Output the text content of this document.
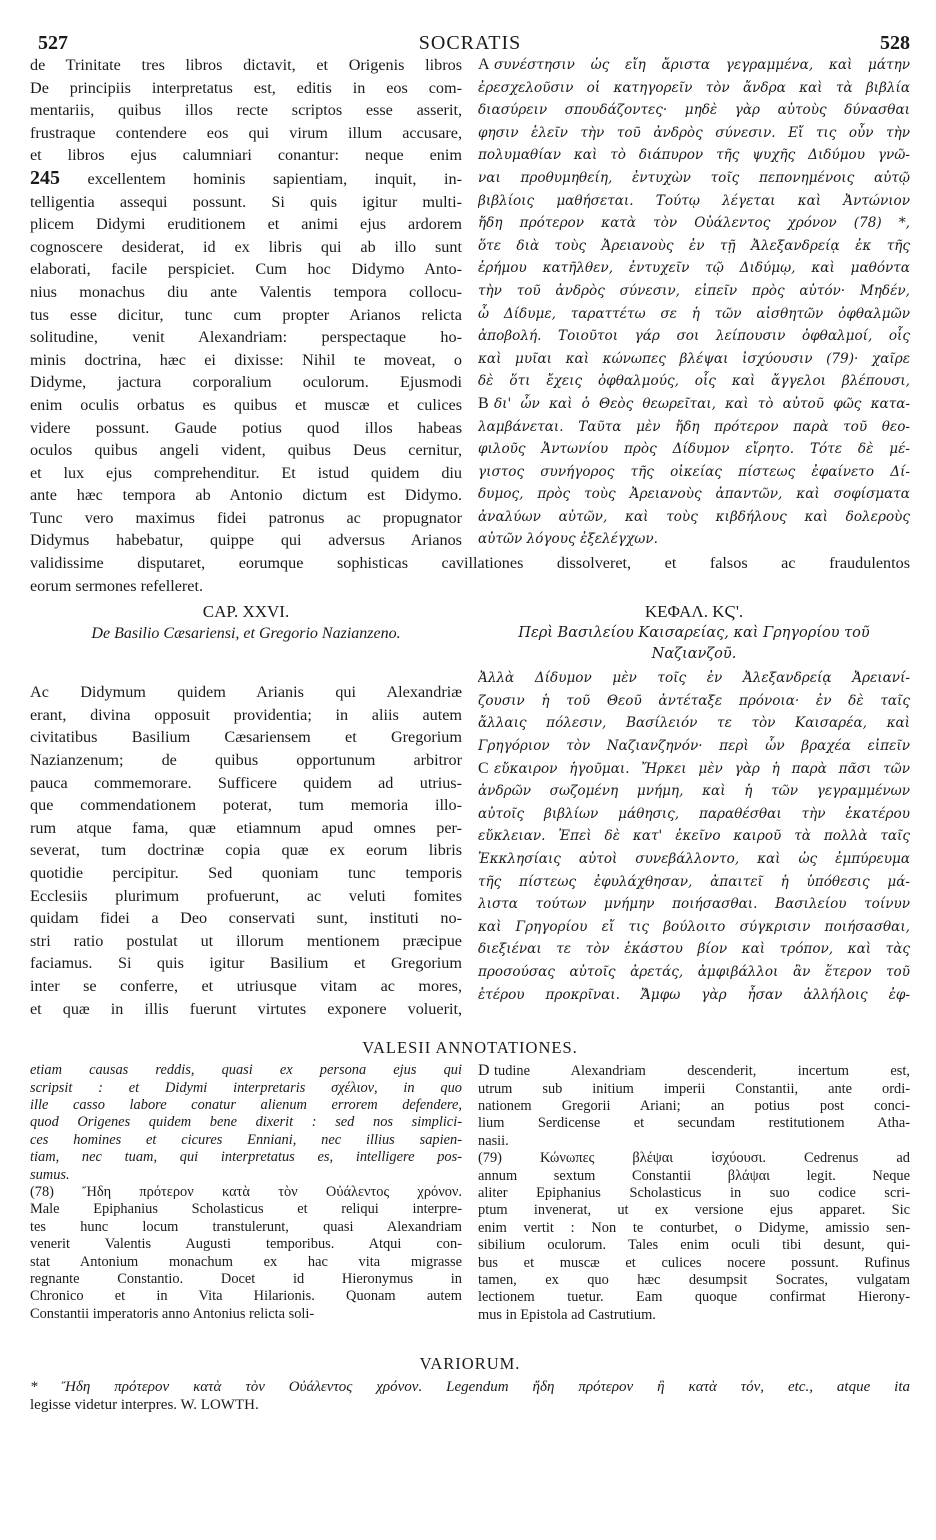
527	SOCRATIS	528
de Trinitate tres libros dictavit, et Origenis libros
De principiis interpretatus est, editis in eos com-
mentariis, quibus illos recte scriptos esse asserit,
frustraque contendere eos qui virum illum accusare,
et libros ejus calumniari conantur: neque enim
245 excellentem hominis sapientiam, inquit, in-
telligentia assequi possunt. Si quis igitur multi-
plicem Didymi eruditionem et animi ejus ardorem
cognoscere desiderat, id ex libris qui ab illo sunt
elaborati, facile perspiciet. Cum hoc Didymo Anto-
nius monachus diu ante Valentis tempora collocu-
tus esse dicitur, tunc cum propter Arianos relicta
solitudine, venit Alexandriam: perspectaque ho-
minis doctrina, hæc ei dixisse: Nihil te moveat, o
Didyme, jactura corporalium oculorum. Ejusmodi
enim oculis orbatus es quibus et muscæ et culices
videre possunt. Gaude potius quod illos habeas
oculos quibus angeli vident, quibus Deus cernitur,
et lux ejus comprehenditur. Et istud quidem diu
ante hæc tempora ab Antonio dictum est Didymo.
Tunc vero maximus fidei patronus ac propugnator
Didymus habebatur, quippe qui adversus Arianos
A συνέστησιν ὡς εἴη ἄριστα γεγραμμένα, καὶ μάτην
ἐρεσχελοῦσιν οἱ κατηγορεῖν τὸν ἄνδρα καὶ τὰ βιβλία
διασύρειν σπουδάζοντες· μηδὲ γὰρ αὐτοὺς δύνασθαι
φησιν ἑλεῖν τὴν τοῦ ἀνδρὸς σύνεσιν. Εἴ τις οὖν τὴν
πολυμαθίαν καὶ τὸ διάπυρον τῆς ψυχῆς Διδύμου γνῶ-
ναι προθυμηθείη, ἐντυχὼν τοῖς πεπονημένοις αὐτῷ
βιβλίοις μαθήσεται. Τούτῳ λέγεται καὶ Ἀντώνιον
ἤδη πρότερον κατὰ τὸν Οὐάλεντος χρόνον (78) *,
ὅτε διὰ τοὺς Ἀρειανοὺς ἐν τῇ Ἀλεξανδρείᾳ ἐκ τῆς
ἐρήμου κατῆλθεν, ἐντυχεῖν τῷ Διδύμῳ, καὶ μαθόντα
τὴν τοῦ ἀνδρὸς σύνεσιν, εἰπεῖν πρὸς αὐτόν· Μηδέν,
ὦ Δίδυμε, ταραττέτω σε ἡ τῶν αἰσθητῶν ὀφθαλμῶν
ἀποβολή. Τοιοῦτοι γάρ σοι λείπουσιν ὀφθαλμοί, οἷς
καὶ μυῖαι καὶ κώνωπες βλέψαι ἰσχύουσιν (79)· χαῖρε
δὲ ὅτι ἔχεις ὀφθαλμούς, οἷς καὶ ἄγγελοι βλέπουσι,
B δι' ὧν καὶ ὁ Θεὸς θεωρεῖται, καὶ τὸ αὐτοῦ φῶς κατα-
λαμβάνεται. Ταῦτα μὲν ἤδη πρότερον παρὰ τοῦ θεο-
φιλοῦς Ἀντωνίου πρὸς Δίδυμον εἴρητο. Τότε δὲ μέ-
γιστος συνήγορος τῆς οἰκείας πίστεως ἐφαίνετο Δί-
δυμος, πρὸς τοὺς Ἀρειανοὺς ἀπαντῶν, καὶ σοφίσματα
ἀναλύων αὐτῶν, καὶ τοὺς κιβδήλους καὶ δολεροὺς
αὐτῶν λόγους ἐξελέγχων.
validissime disputaret, eorumque sophisticas cavillationes dissolveret, et falsos ac fraudulentos
eorum sermones refelleret.
CAP. XXVI.
De Basilio Cæsariensi, et Gregorio Nazianzeno.
ΚΕΦΑΛ. ΚϚ'.
Περὶ Βασιλείου Καισαρείας, καὶ Γρηγορίου τοῦ
Ναζιανζοῦ.
Ac Didymum quidem Arianis qui Alexandriæ
erant, divina opposuit providentia; in aliis autem
civitatibus Basilium Cæsariensem et Gregorium
Nazianzenum; de quibus opportunum arbitror
pauca commemorare. Sufficere quidem ad utrius-
que commendationem poterat, tum memoria illo-
rum atque fama, quæ etiamnum apud omnes per-
severat, tum doctrinæ copia quæ ex eorum libris
quotidie percipitur. Sed quoniam tunc temporis
Ecclesiis plurimum profuerunt, ac veluti fomites
quidam fidei a Deo conservati sunt, instituti no-
stri ratio postulat ut illorum mentionem præcipue
faciamus. Si quis igitur Basilium et Gregorium
inter se conferre, et utriusque vitam ac mores,
et quæ in illis fuerunt virtutes exponere voluerit,
Ἀλλὰ Δίδυμον μὲν τοῖς ἐν Ἀλεξανδρείᾳ Ἀρειανί-
ζουσιν ἡ τοῦ Θεοῦ ἀντέταξε πρόνοια· ἐν δὲ ταῖς
ἄλλαις πόλεσιν, Βασίλειόν τε τὸν Καισαρέα, καὶ
Γρηγόριον τὸν Ναζιανζηνόν· περὶ ὧν βραχέα εἰπεῖν
C εὔκαιρον ἡγοῦμαι. Ἤρκει μὲν γὰρ ἡ παρὰ πᾶσι τῶν
ἀνδρῶν σωζομένη μνήμη, καὶ ἡ τῶν γεγραμμένων
αὐτοῖς βιβλίων μάθησις, παραθέσθαι τὴν ἑκατέρου
εὔκλειαν. Ἐπεὶ δὲ κατ' ἐκεῖνο καιροῦ τὰ πολλὰ ταῖς
Ἐκκλησίαις αὐτοὶ συνεβάλλοντο, καὶ ὡς ἐμπύρευμα
τῆς πίστεως ἐφυλάχθησαν, ἀπαιτεῖ ἡ ὑπόθεσις μά-
λιστα τούτων μνήμην ποιήσασθαι. Βασιλείου τοίνυν
καὶ Γρηγορίου εἴ τις βούλοιτο σύγκρισιν ποιήσασθαι,
διεξιέναι τε τὸν ἑκάστου βίον καὶ τρόπον, καὶ τὰς
προσούσας αὐτοῖς ἀρετάς, ἀμφιβάλλοι ἂν ἕτερον τοῦ
ἑτέρου προκρῖναι. Ἄμφω γὰρ ἦσαν ἀλλήλοις ἐφ-
VALESII ANNOTATIONES.
etiam causas reddis, quasi ex persona ejus qui
scripsit : et Didymi interpretaris σχέλιον, in quo
ille casso labore conatur alienum errorem defendere,
quod Origenes quidem bene dixerit : sed nos simplici-
ces homines et cicures Enniani, nec illius sapien-
tiam, nec tuam, qui interpretatus es, intelligere pos-
sumus.
(78) Ἤδη πρότερον κατὰ τὸν Οὐάλεντος χρόνον.
Male Epiphanius Scholasticus et reliqui interpre-
tes hunc locum transtulerunt, quasi Alexandriam
venerit Valentis Augusti temporibus. Atqui con-
stat Antonium monachum ex hac vita migrasse
regnante Constantio. Docet id Hieronymus in
Chronico et in Vita Hilarionis. Quonam autem
Constantii imperatoris anno Antonius relicta soli-
D tudine Alexandriam descenderit, incertum est,
utrum sub initium imperii Constantii, ante ordi-
nationem Gregorii Ariani; an potius post conci-
lium Serdicense et secundam restitutionem Atha-
nasii.
(79) Κώνωπες βλέψαι ἰσχύουσι. Cedrenus ad
annum sextum Constantii βλάψαι legit. Neque
aliter Epiphanius Scholasticus in suo codice scri-
ptum invenerat, ut ex versione ejus apparet. Sic
enim vertit : Non te conturbet, o Didyme, amissio sen-
sibilium oculorum. Tales enim oculi tibi desunt, qui-
bus et muscæ et culices nocere possunt. Rufinus
tamen, ex quo hæc desumpsit Socrates, vulgatam
lectionem tuetur. Eam quoque confirmat Hierony-
mus in Epistola ad Castrutium.
VARIORUM.
* Ἤδη πρότερον κατὰ τὸν Οὐάλεντος χρόνον. Legendum ἤδη πρότερον ἢ κατὰ τόν, etc., atque ita
legisse videtur interpres. W. LOWTH.
